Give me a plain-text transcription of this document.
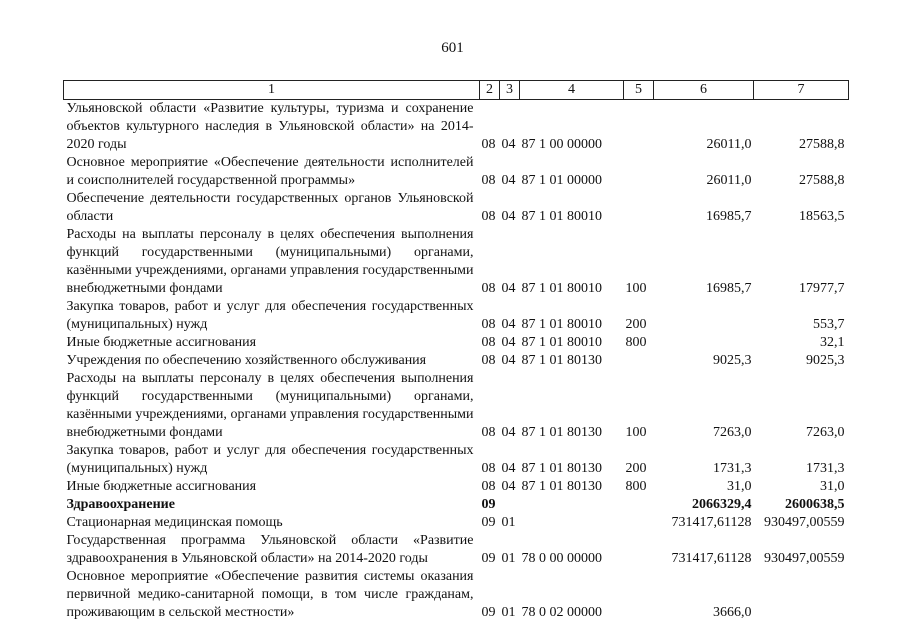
601
1	2	3	4	5	6	7
Ульяновской области «Развитие культуры, туризма и сохранение объектов культурного наследия в Ульяновской области» на 2014-2020 годы	08	04	87 1 00 00000		26011,0	27588,8
Основное мероприятие «Обеспечение деятельности исполнителей и соисполнителей государственной программы»	08	04	87 1 01 00000		26011,0	27588,8
Обеспечение деятельности государственных органов Ульяновской области	08	04	87 1 01 80010		16985,7	18563,5
Расходы на выплаты персоналу в целях обеспечения выполнения функций государственными (муниципальными) органами, казёнными учреждениями, органами управления государственными внебюджетными фондами	08	04	87 1 01 80010	100	16985,7	17977,7
Закупка товаров, работ и услуг для обеспечения государственных (муниципальных) нужд	08	04	87 1 01 80010	200		553,7
Иные бюджетные ассигнования	08	04	87 1 01 80010	800		32,1
Учреждения по обеспечению хозяйственного обслуживания	08	04	87 1 01 80130		9025,3	9025,3
Расходы на выплаты персоналу в целях обеспечения выполнения функций государственными (муниципальными) органами, казёнными учреждениями, органами управления государственными внебюджетными фондами	08	04	87 1 01 80130	100	7263,0	7263,0
Закупка товаров, работ и услуг для обеспечения государственных (муниципальных) нужд	08	04	87 1 01 80130	200	1731,3	1731,3
Иные бюджетные ассигнования	08	04	87 1 01 80130	800	31,0	31,0
Здравоохранение	09				2066329,4	2600638,5
Стационарная медицинская помощь	09	01			731417,61128	930497,00559
Государственная программа Ульяновской области «Развитие здравоохранения в Ульяновской области» на 2014-2020 годы	09	01	78 0 00 00000		731417,61128	930497,00559
Основное мероприятие «Обеспечение развития системы оказания первичной медико-санитарной помощи, в том числе гражданам, проживающим в сельской местности»	09	01	78 0 02 00000		3666,0	
